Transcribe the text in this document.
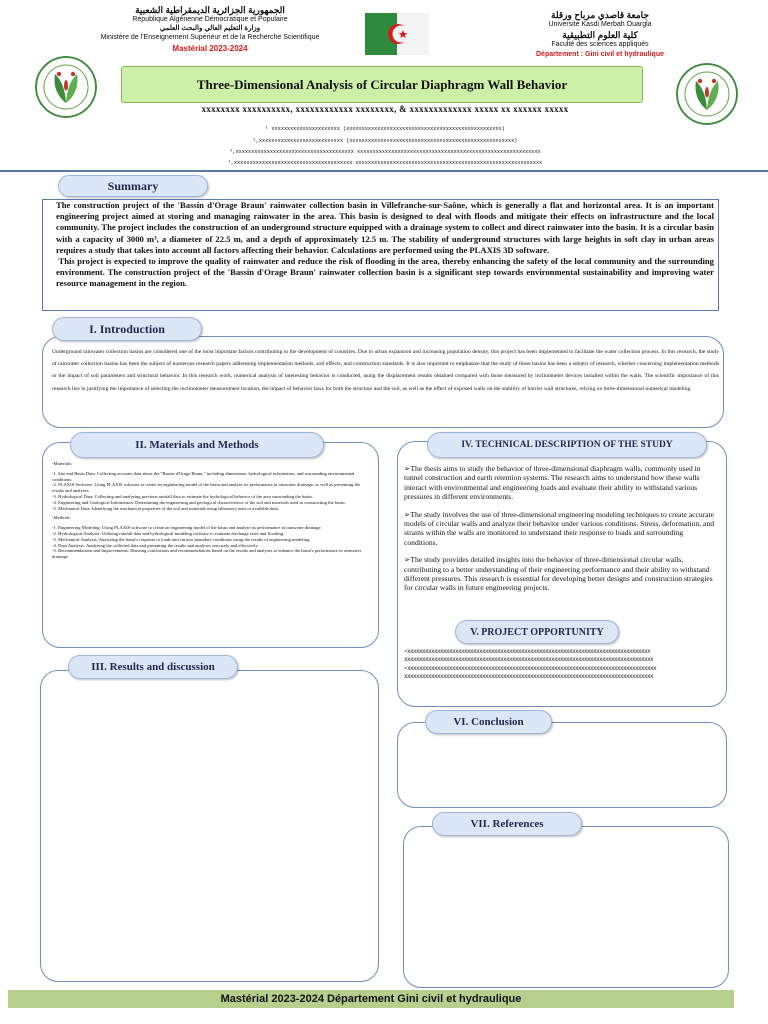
الجمهورية الجزائرية الديمقراطية الشعبية
République Algérienne Démocratique et Populaire
وزارة التعليم العالي والبحث العلمي
Ministère de l'Enseignement Supérieur et de la Recherche Scientifique
Mastérial 2023-2024
جامعة قاصدي مرباح ورقلة
Université Kasdi Merbah Ouargla
كلية العلوم التطبيقية
Faculté des sciences appliqués
Département : Gini civil et hydraulique
Three-Dimensional Analysis of Circular Diaphragm Wall Behavior
xxxxxxxx xxxxxxxxxx, xxxxxxxxxxxx xxxxxxxx, & xxxxxxxxxxxxx xxxxx xx xxxxxx xxxxx
¹ xxxxxxxxxxxxxxxxxxxxxx (xxxxxxxxxxxxxxxxxxxxxxxxxxxxxxxxxxxxxxxxxxxxxxxxxx)
²,xxxxxxxxxxxxxxxxxxxxxxxxxxx (xxxxxxxxxxxxxxxxxxxxxxxxxxxxxxxxxxxxxxxxxxxxxxxxxxxxx)
³,xxxxxxxxxxxxxxxxxxxxxxxxxxxxxxxxxxxxxx xxxxxxxxxxxxxxxxxxxxxxxxxxxxxxxxxxxxxxxxxxxxxxxxxxxxxxxxxxx
⁴,xxxxxxxxxxxxxxxxxxxxxxxxxxxxxxxxxxxxxx xxxxxxxxxxxxxxxxxxxxxxxxxxxxxxxxxxxxxxxxxxxxxxxxxxxxxxxxxxxx
Summary
The construction project of the 'Bassin d'Orage Braun' rainwater collection basin in Villefranche-sur-Saône, which is generally a flat and horizontal area. It is an important engineering project aimed at storing and managing rainwater in the area. This basin is designed to deal with floods and mitigate their effects on infrastructure and the local community. The project includes the construction of an underground structure equipped with a drainage system to collect and direct rainwater into the basin. It is a circular basin with a capacity of 3000 m³, a diameter of 22.5 m, and a depth of approximately 12.5 m. The stability of underground structures with large heights in soft clay in urban areas requires a study that takes into account all factors affecting their behavior. Calculations are performed using the PLAXIS 3D software.
This project is expected to improve the quality of rainwater and reduce the risk of flooding in the area, thereby enhancing the safety of the local community and the surrounding environment. The construction project of the 'Bassin d'Orage Braun' rainwater collection basin is a significant step towards environmental sustainability and improving water resource management in the region.
I. Introduction
Underground rainwater collection basins are considered one of the most important factors contributing to the development of countries. Due to urban expansion and increasing population density, this project has been implemented to facilitate the water collection process. In this research, the study of rainwater collection basins has been the subject of numerous research papers addressing implementation methods, soil effects, and construction standards. It is also important to emphasize that the study of these basins has been a subject of research, whether concerning implementation methods or the impact of soil parameters and structural behavior. In this research work, numerical analysis of interesting behavior is conducted, using the displacement results obtained compared with those measured by inclinometer devices installed within the walls. The scientific importance of this research lies in justifying the importance of selecting the inclinometer measurement location, the impact of behavior laws for both the structure and the soil, as well as the effect of exposed walls on the stability of barrier wall structures, relying on three-dimensional numerical modeling.
II. Materials and Methods

-Materials:

-1. Site and Basin Data: Collecting accurate data about the "Bassin d'Orage Braun," including dimensions, hydrological information, and surrounding environmental conditions.

-2. PLAXIS Software: Using PLAXIS software to create an engineering model of the basin and analyze its performance in rainwater drainage, as well as presenting the results and analyses.

-3. Hydrological Data: Collecting and analyzing previous rainfall data to estimate the hydrological behavior of the area surrounding the basin.

-4. Engineering and Geological Information: Determining the engineering and geological characteristics of the soil and materials used in constructing the basin.

-5. Mechanical Data: Identifying the mechanical properties of the soil and materials using laboratory tests or available data.

-Methods:

-1. Engineering Modeling: Using PLAXIS software to create an engineering model of the basin and analyze its performance in rainwater drainage.

-2. Hydrological Analysis: Utilizing rainfall data and hydrological modeling software to estimate discharge rates and flooding.

-3. Mechanical Analysis: Analyzing the basin's response to loads and various boundary conditions using the results of engineering modeling.

-4. Data Analysis: Analyzing the collected data and presenting the results and analyses concisely and effectively.

-5. Recommendations and Improvements: Drawing conclusions and recommendations based on the results and analyses to enhance the basin's performance in rainwater drainage.

III. Results and discussion
IV. TECHNICAL DESCRIPTION OF THE STUDY

➢The thesis aims to study the behavior of three-dimensional diaphragm walls, commonly used in tunnel construction and earth retention systems. The research aims to understand how these walls interact with environmental and engineering loads and evaluate their ability to withstand various pressures in different environments.

➢The study involves the use of three-dimensional engineering modeling techniques to create accurate models of circular walls and analyze their behavior under various conditions. Stress, deformation, and strains within the walls are monitored to understand their response to loads and surrounding conditions.

➢The study provides detailed insights into the behavior of three-dimensional circular walls, contributing to a better understanding of their engineering performance and their ability to withstand different pressures. This research is essential for developing better designs and construction strategies for circular walls in future engineering projects.

V. PROJECT OPPORTUNITY
➢xxxxxxxxxxxxxxxxxxxxxxxxxxxxxxxxxxxxxxxxxxxxxxxxxxxxxxxxxxxxxxxxxxxxxxxxxxxxxxxxx
xxxxxxxxxxxxxxxxxxxxxxxxxxxxxxxxxxxxxxxxxxxxxxxxxxxxxxxxxxxxxxxxxxxxxxxxxxxxxxxxxxx
➢xxxxxxxxxxxxxxxxxxxxxxxxxxxxxxxxxxxxxxxxxxxxxxxxxxxxxxxxxxxxxxxxxxxxxxxxxxxxxxxxxxx
xxxxxxxxxxxxxxxxxxxxxxxxxxxxxxxxxxxxxxxxxxxxxxxxxxxxxxxxxxxxxxxxxxxxxxxxxxxxxxxxxxx
VI. Conclusion
VII. References
Mastérial 2023-2024 Département Gini civil et hydraulique
